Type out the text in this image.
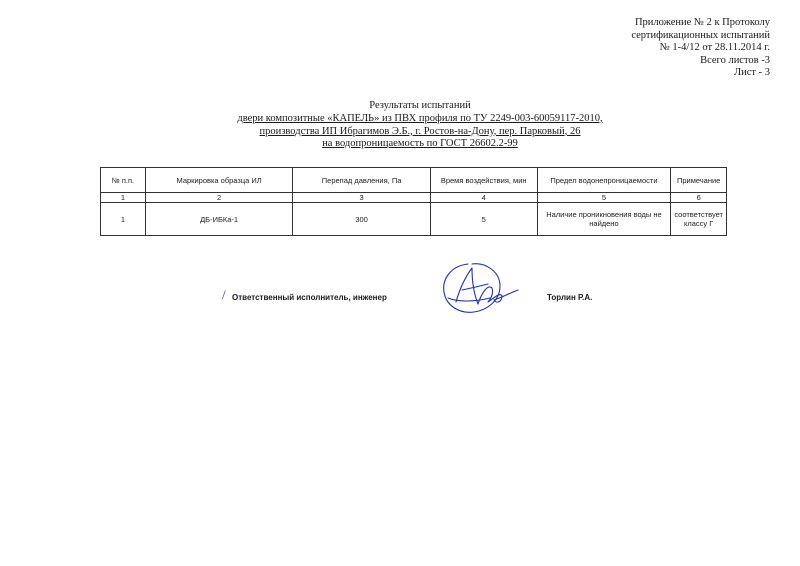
Приложение № 2 к Протоколу
сертификационных испытаний
№ 1-4/12 от 28.11.2014 г.
Всего листов -3
Лист - 3
Результаты испытаний
двери композитные «КАПЕЛЬ» из ПВХ профиля по ТУ 2249-003-60059117-2010,
производства ИП Ибрагимов Э.Б., г. Ростов-на-Дону, пер. Парковый, 26
на водопроницаемость по ГОСТ 26602.2-99
№ п.п.	Маркировка образца ИЛ	Перепад давления, Па	Время воздействия, мин	Предел водонепроницаемости	Примечание
1	2	3	4	5	6
1	ДБ-ИБКа-1	300	5	Наличие проникновения воды не найдено	соответствует классу Г
/ Ответственный исполнитель, инженер	Торлин Р.А.
